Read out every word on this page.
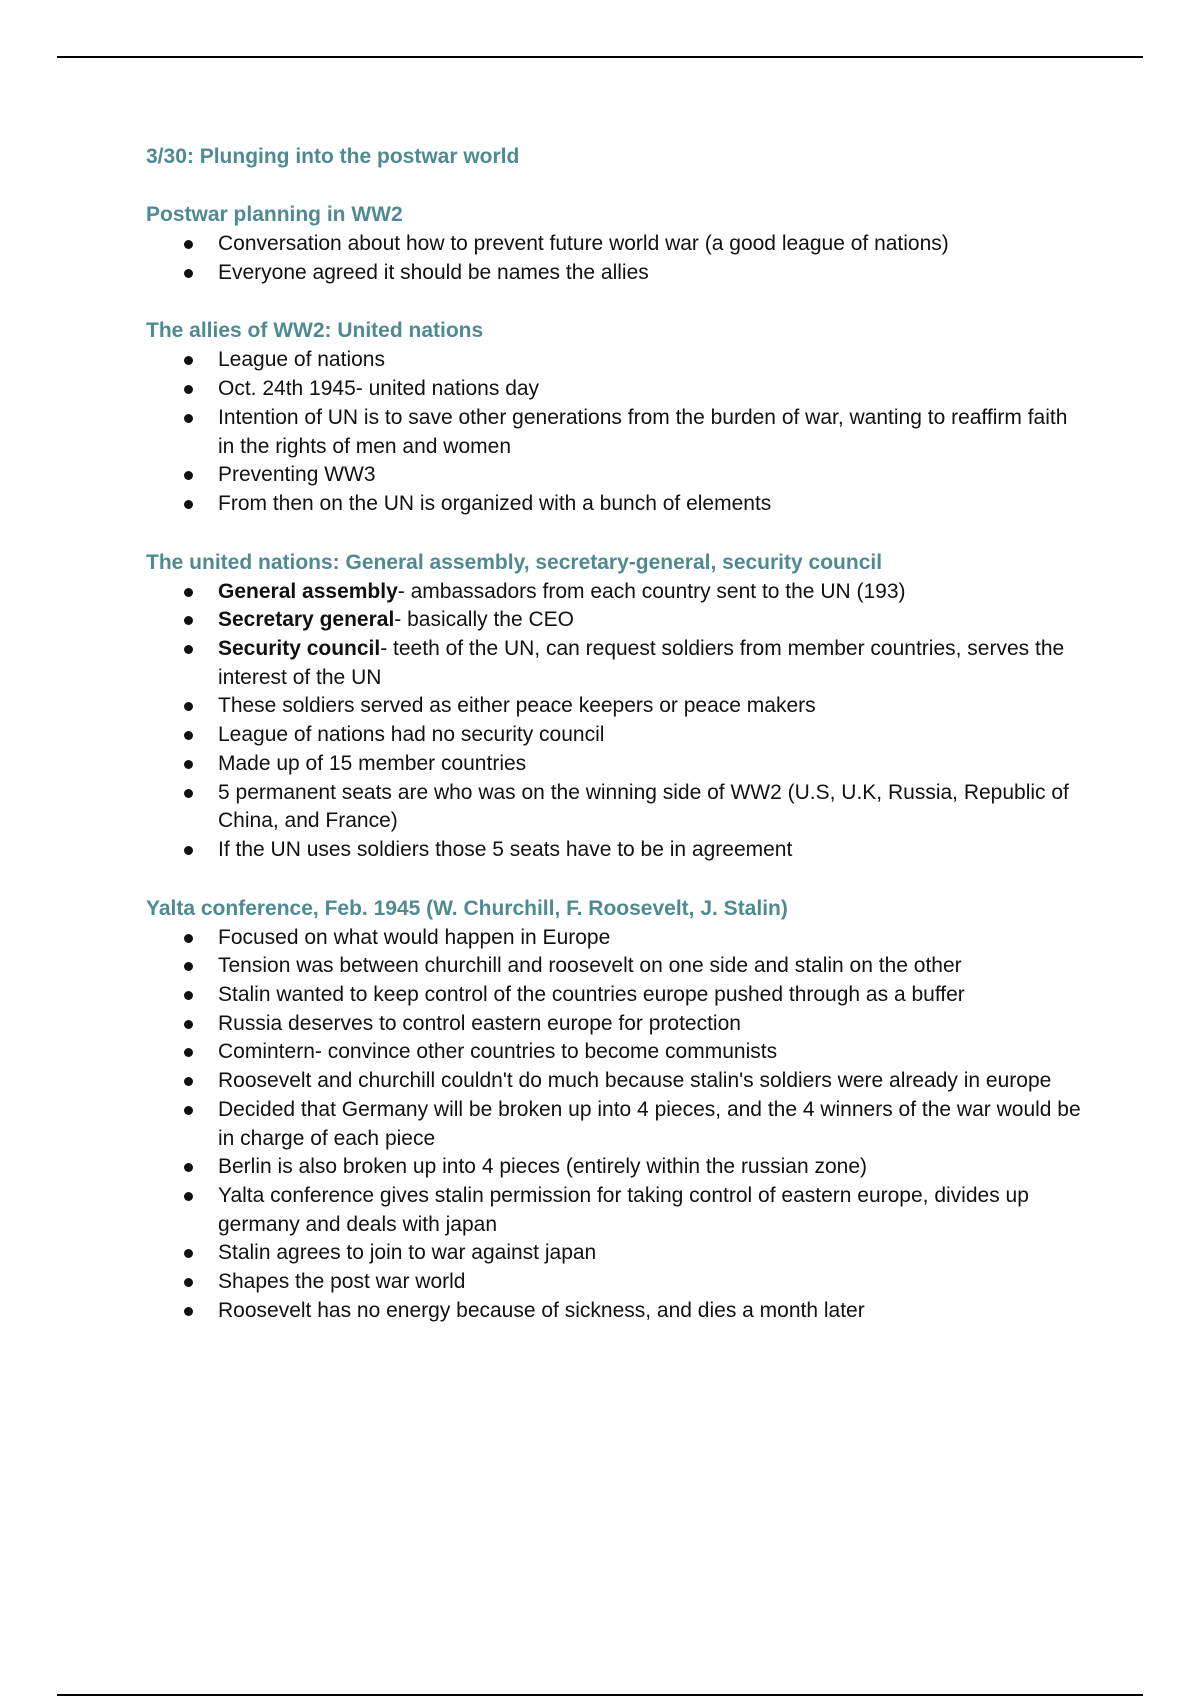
3/30: Plunging into the postwar world
Postwar planning in WW2
Conversation about how to prevent future world war (a good league of nations)
Everyone agreed it should be names the allies
The allies of WW2: United nations
League of nations
Oct. 24th 1945- united nations day
Intention of UN is to save other generations from the burden of war, wanting to reaffirm faith in the rights of men and women
Preventing WW3
From then on the UN is organized with a bunch of elements
The united nations: General assembly, secretary-general, security council
General assembly- ambassadors from each country sent to the UN (193)
Secretary general- basically the CEO
Security council- teeth of the UN, can request soldiers from member countries, serves the interest of the UN
These soldiers served as either peace keepers or peace makers
League of nations had no security council
Made up of 15 member countries
5 permanent seats are who was on the winning side of WW2 (U.S, U.K, Russia, Republic of China, and France)
If the UN uses soldiers those 5 seats have to be in agreement
Yalta conference, Feb. 1945 (W. Churchill, F. Roosevelt, J. Stalin)
Focused on what would happen in Europe
Tension was between churchill and roosevelt on one side and stalin on the other
Stalin wanted to keep control of the countries europe pushed through as a buffer
Russia deserves to control eastern europe for protection
Comintern- convince other countries to become communists
Roosevelt and churchill couldn't do much because stalin's soldiers were already in europe
Decided that Germany will be broken up into 4 pieces, and the 4 winners of the war would be in charge of each piece
Berlin is also broken up into 4 pieces (entirely within the russian zone)
Yalta conference gives stalin permission for taking control of eastern europe, divides up germany and deals with japan
Stalin agrees to join to war against japan
Shapes the post war world
Roosevelt has no energy because of sickness, and dies a month later
